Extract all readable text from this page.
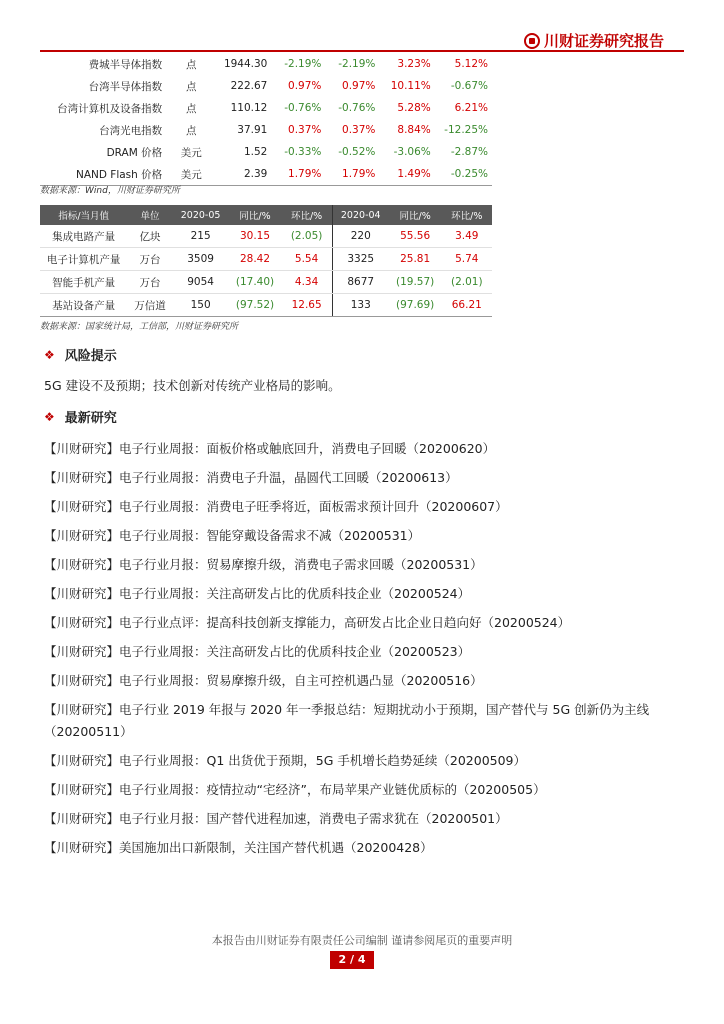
川财证券研究报告
费城半导体指数	点	1944.30	-2.19%	-2.19%	3.23%	5.12%
台湾半导体指数	点	222.67	0.97%	0.97%	10.11%	-0.67%
台湾计算机及设备指数	点	110.12	-0.76%	-0.76%	5.28%	6.21%
台湾光电指数	点	37.91	0.37%	0.37%	8.84%	-12.25%
DRAM 价格	美元	1.52	-0.33%	-0.52%	-3.06%	-2.87%
NAND Flash 价格	美元	2.39	1.79%	1.79%	1.49%	-0.25%
数据来源：Wind，川财证券研究所
指标/当月值	单位	2020-05	同比/%	环比/%	2020-04	同比/%	环比/%
集成电路产量	亿块	215	30.15	(2.05)	220	55.56	3.49
电子计算机产量	万台	3509	28.42	5.54	3325	25.81	5.74
智能手机产量	万台	9054	(17.40)	4.34	8677	(19.57)	(2.01)
基站设备产量	万信道	150	(97.52)	12.65	133	(97.69)	66.21
数据来源：国家统计局，工信部，川财证券研究所
❖ 风险提示
5G 建设不及预期；技术创新对传统产业格局的影响。
❖ 最新研究
【川财研究】电子行业周报：面板价格或触底回升，消费电子回暖（20200620）
【川财研究】电子行业周报：消费电子升温，晶圆代工回暖（20200613）
【川财研究】电子行业周报：消费电子旺季将近，面板需求预计回升（20200607）
【川财研究】电子行业周报：智能穿戴设备需求不减（20200531）
【川财研究】电子行业月报：贸易摩擦升级，消费电子需求回暖（20200531）
【川财研究】电子行业周报：关注高研发占比的优质科技企业（20200524）
【川财研究】电子行业点评：提高科技创新支撑能力，高研发占比企业日趋向好（20200524）
【川财研究】电子行业周报：关注高研发占比的优质科技企业（20200523）
【川财研究】电子行业周报：贸易摩擦升级，自主可控机遇凸显（20200516）
【川财研究】电子行业 2019 年报与 2020 年一季报总结：短期扰动小于预期，国产替代与 5G 创新仍为主线（20200511）
【川财研究】电子行业周报：Q1 出货优于预期，5G 手机增长趋势延续（20200509）
【川财研究】电子行业周报：疫情拉动“宅经济”，布局苹果产业链优质标的（20200505）
【川财研究】电子行业月报：国产替代进程加速，消费电子需求犹在（20200501）
【川财研究】美国施加出口新限制，关注国产替代机遇（20200428）
本报告由川财证券有限责任公司编制 谨请参阅尾页的重要声明
2 / 4
